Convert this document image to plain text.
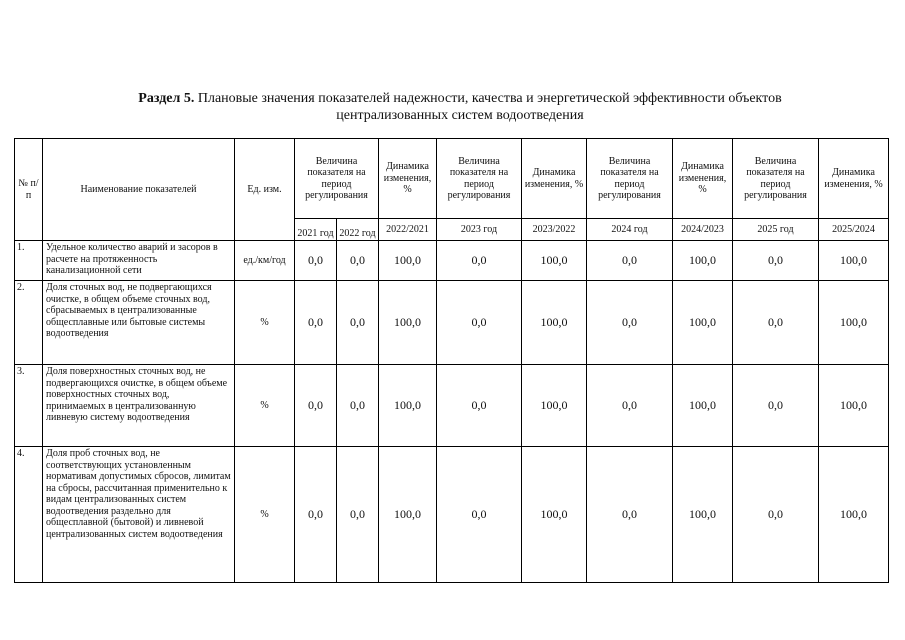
Раздел 5. Плановые значения показателей надежности, качества и энергетической эффективности объектов
централизованных систем водоотведения
№ п/п	Наименование показателей	Ед. изм.	Величина показателя на период регулирования		Динамика изменения, %	Величина показателя на период регулирования	Динамика изменения, %	Величина показателя на период регулирования	Динамика изменения, %	Величина показателя на период регулирования	Динамика изменения, %
			2021 год	2022 год	2022/2021	2023 год	2023/2022	2024 год	2024/2023	2025 год	2025/2024
1.	Удельное количество аварий и засоров в расчете на протяженность канализационной сети	ед./км/год	0,0	0,0	100,0	0,0	100,0	0,0	100,0	0,0	100,0
2.	Доля сточных вод, не подвергающихся очистке, в общем объеме сточных вод, сбрасываемых в централизованные общесплавные или бытовые системы водоотведения	%	0,0	0,0	100,0	0,0	100,0	0,0	100,0	0,0	100,0
3.	Доля поверхностных сточных вод, не подвергающихся очистке, в общем объеме поверхностных сточных вод, принимаемых в централизованную ливневую систему водоотведения	%	0,0	0,0	100,0	0,0	100,0	0,0	100,0	0,0	100,0
4.	Доля проб сточных вод, не соответствующих установленным нормативам допустимых сбросов, лимитам на сбросы, рассчитанная применительно к видам централизованных систем водоотведения раздельно для общесплавной (бытовой) и ливневой централизованных систем водоотведения	%	0,0	0,0	100,0	0,0	100,0	0,0	100,0	0,0	100,0
